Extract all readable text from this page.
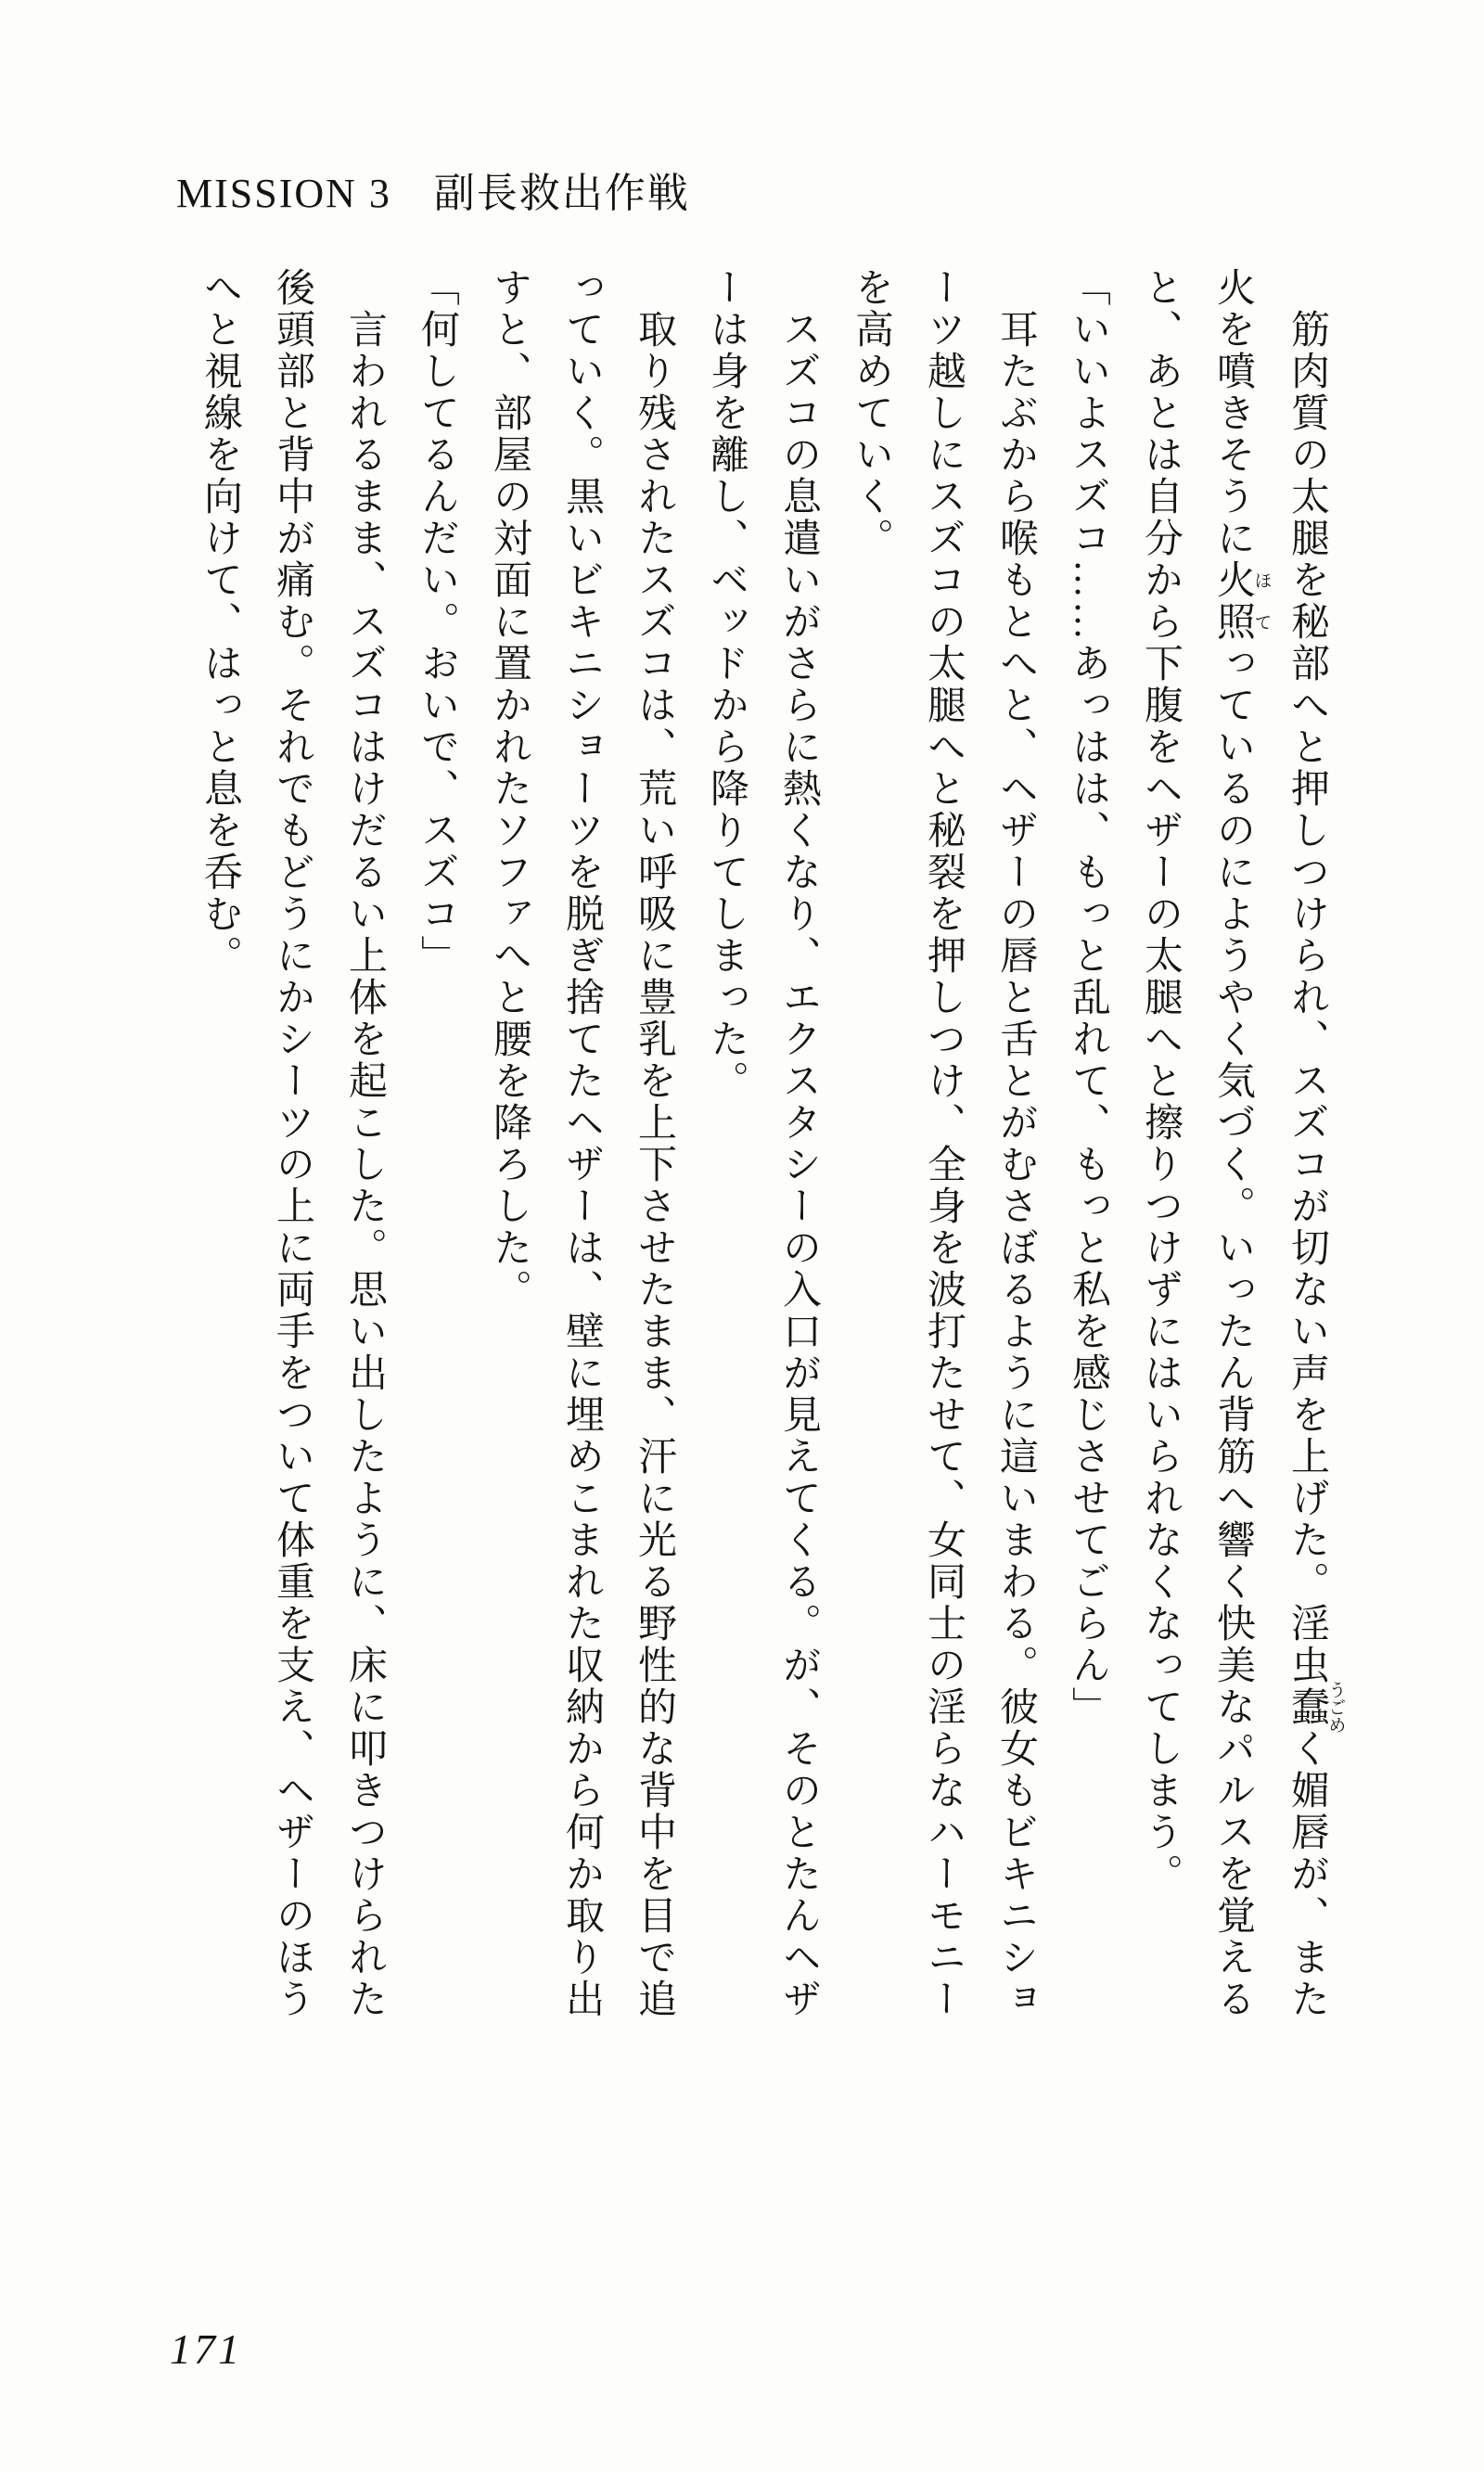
MISSION 3　副長救出作戦

　筋肉質の太腿を秘部へと押しつけられ、スズコが切ない声を上げた。淫虫蠢うごめく媚唇が、また

火を噴きそうに火照ほてっているのにようやく気づく。いったん背筋へ響く快美なパルスを覚える

と、あとは自分から下腹をヘザーの太腿へと擦りつけずにはいられなくなってしまう。

「いいよスズコ……あっはは、もっと乱れて、もっと私を感じさせてごらん」

　耳たぶから喉もとへと、ヘザーの唇と舌とがむさぼるように這いまわる。彼女もビキニショ

ーツ越しにスズコの太腿へと秘裂を押しつけ、全身を波打たせて、女同士の淫らなハーモニー

を高めていく。

　スズコの息遣いがさらに熱くなり、エクスタシーの入口が見えてくる。が、そのとたんヘザ

ーは身を離し、ベッドから降りてしまった。

　取り残されたスズコは、荒い呼吸に豊乳を上下させたまま、汗に光る野性的な背中を目で追

っていく。黒いビキニショーツを脱ぎ捨てたヘザーは、壁に埋めこまれた収納から何か取り出

すと、部屋の対面に置かれたソファへと腰を降ろした。

「何してるんだい。おいで、スズコ」

　言われるまま、スズコはけだるい上体を起こした。思い出したように、床に叩きつけられた

後頭部と背中が痛む。それでもどうにかシーツの上に両手をついて体重を支え、ヘザーのほう

へと視線を向けて、はっと息を呑む。

171
